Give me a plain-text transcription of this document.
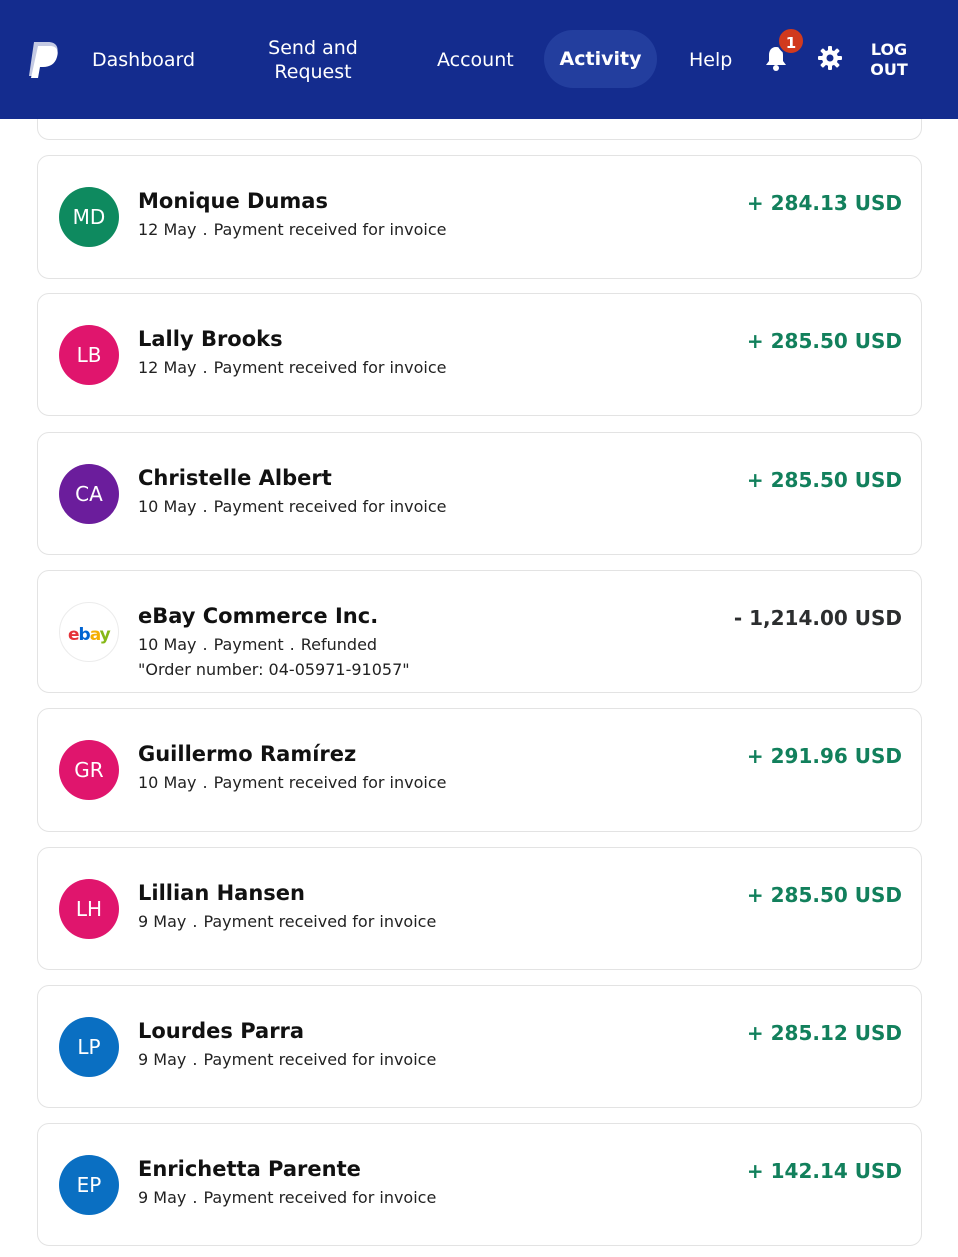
Dashboard
Send and
Request
Account	Activity	Help
1	LOG
OUT
MD
Monique Dumas
12 May . Payment received for invoice
+ 284.13 USD
LB
Lally Brooks
12 May . Payment received for invoice
+ 285.50 USD
CA
Christelle Albert
10 May . Payment received for invoice
+ 285.50 USD
ebay
eBay Commerce Inc.
10 May . Payment . Refunded
"Order number: 04-05971-91057"
- 1,214.00 USD
GR
Guillermo Ramírez
10 May . Payment received for invoice
+ 291.96 USD
LH
Lillian Hansen
9 May . Payment received for invoice
+ 285.50 USD
LP
Lourdes Parra
9 May . Payment received for invoice
+ 285.12 USD
EP
Enrichetta Parente
9 May . Payment received for invoice
+ 142.14 USD
